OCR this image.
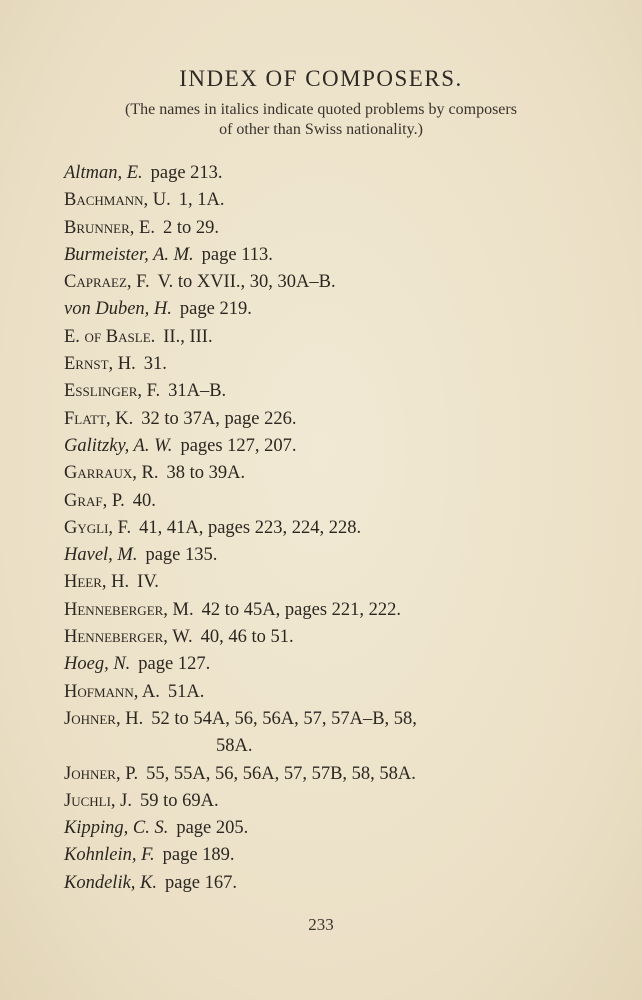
INDEX OF COMPOSERS.
(The names in italics indicate quoted problems by composers
of other than Swiss nationality.)
Altman, E. page 213.
Bachmann, U. 1, 1A.
Brunner, E. 2 to 29.
Burmeister, A. M. page 113.
Capraez, F. V. to XVII., 30, 30A–B.
von Duben, H. page 219.
E. of Basle. II., III.
Ernst, H. 31.
Esslinger, F. 31A–B.
Flatt, K. 32 to 37A, page 226.
Galitzky, A. W. pages 127, 207.
Garraux, R. 38 to 39A.
Graf, P. 40.
Gygli, F. 41, 41A, pages 223, 224, 228.
Havel, M. page 135.
Heer, H. IV.
Henneberger, M. 42 to 45A, pages 221, 222.
Henneberger, W. 40, 46 to 51.
Hoeg, N. page 127.
Hofmann, A. 51A.
Johner, H. 52 to 54A, 56, 56A, 57, 57A–B, 58,
58A.
Johner, P. 55, 55A, 56, 56A, 57, 57B, 58, 58A.
Juchli, J. 59 to 69A.
Kipping, C. S. page 205.
Kohnlein, F. page 189.
Kondelik, K. page 167.
233
